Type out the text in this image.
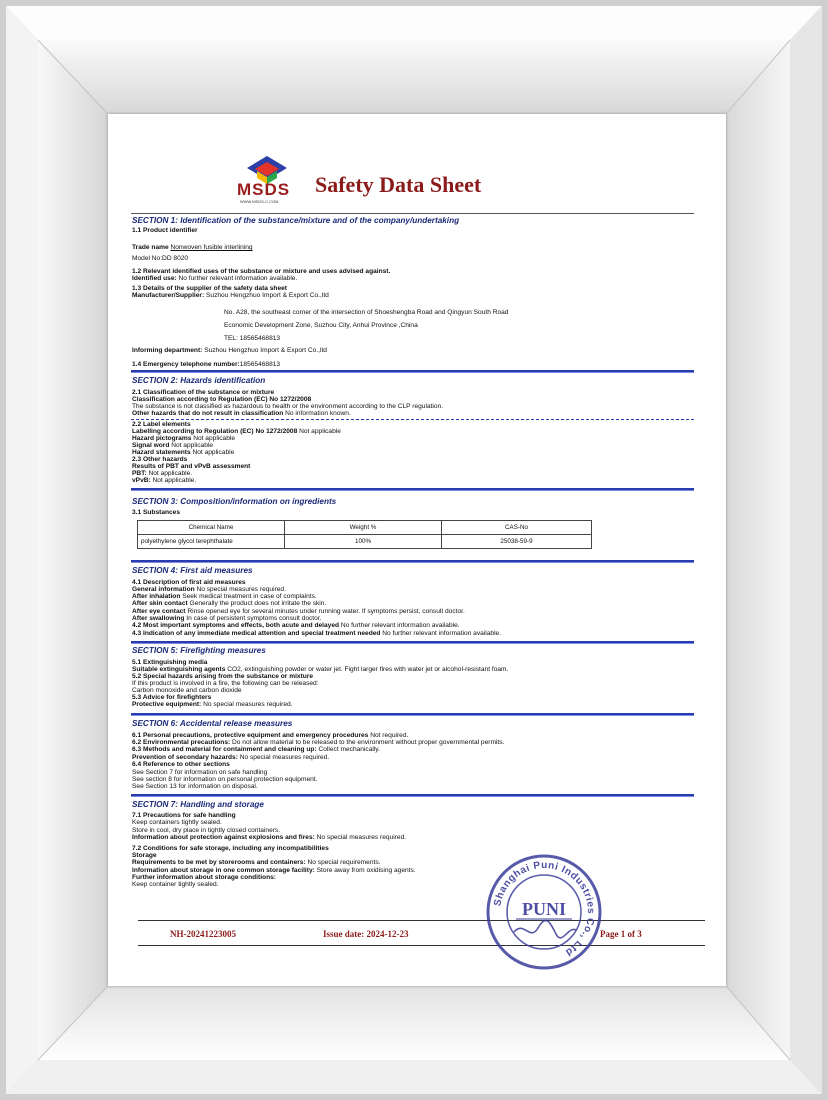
MSDS
WWW.MSDS-C.COM
Safety Data Sheet
SECTION 1: Identification of the substance/mixture and of the company/undertaking
1.1 Product identifier
Trade name Nonwoven fusible interlining
Model No:DD 8020
1.2 Relevant identified uses of the substance or mixture and uses advised against.
Identified use: No further relevant information available.
1.3 Details of the supplier of the safety data sheet
Manufacturer/Supplier: Suzhou Hengzhuo Import & Export Co.,ltd
No. A28, the southeast corner of the intersection of Shoeshengba Road and Qingyun South Road
Economic Development Zone, Suzhou City, Anhui Province ,China
TEL: 18565468813
Informing department: Suzhou Hengzhuo Import & Export Co.,ltd
1.4 Emergency telephone number:18565468813
SECTION 2: Hazards identification
2.1 Classification of the substance or mixture
Classification according to Regulation (EC) No 1272/2008
The substance is not classified as hazardous to health or the environment according to the CLP regulation.
Other hazards that do not result in classification No information known.
2.2 Label elements
Labelling according to Regulation (EC) No 1272/2008 Not applicable
Hazard pictograms Not applicable
Signal word Not applicable
Hazard statements Not applicable
2.3 Other hazards
Results of PBT and vPvB assessment
PBT: Not applicable.
vPvB: Not applicable.
SECTION 3: Composition/information on ingredients
3.1 Substances
Chemical Name	Weight %	CAS-No
polyethylene glycol terephthalate	100%	25038-59-9
SECTION 4: First aid measures
4.1 Description of first aid measures
General information No special measures required.
After inhalation Seek medical treatment in case of complaints.
After skin contact Generally the product does not irritate the skin.
After eye contact Rinse opened eye for several minutes under running water. If symptoms persist, consult doctor.
After swallowing In case of persistent symptoms consult doctor.
4.2 Most important symptoms and effects, both acute and delayed No further relevant information available.
4.3 Indication of any immediate medical attention and special treatment needed No further relevant information available.
SECTION 5: Firefighting measures
5.1 Extinguishing media
Suitable extinguishing agents CO2, extinguishing powder or water jet. Fight larger fires with water jet or alcohol-resistant foam.
5.2 Special hazards arising from the substance or mixture
If this product is involved in a fire, the following can be released:
Carbon monoxide and carbon dioxide
5.3 Advice for firefighters
Protective equipment: No special measures required.
SECTION 6: Accidental release measures
6.1 Personal precautions, protective equipment and emergency procedures Not required.
6.2 Environmental precautions: Do not allow material to be released to the environment without proper governmental permits.
6.3 Methods and material for containment and cleaning up: Collect mechanically.
Prevention of secondary hazards: No special measures required.
6.4 Reference to other sections
See Section 7 for information on safe handling
See section 8 for information on personal protection equipment.
See Section 13 for information on disposal.
SECTION 7: Handling and storage
7.1 Precautions for safe handling
Keep containers tightly sealed.
Store in cool, dry place in tightly closed containers.
Information about protection against explosions and fires: No special measures required.
7.2 Conditions for safe storage, including any incompatibilities
Storage
Requirements to be met by storerooms and containers: No special requirements.
Information about storage in one common storage facility: Store away from oxidising agents.
Further information about storage conditions:
Keep container tightly sealed.
NH-20241223005	Issue date: 2024-12-23	Page 1 of 3
Shanghai Puni Industries Co., Ltd
PUNI
